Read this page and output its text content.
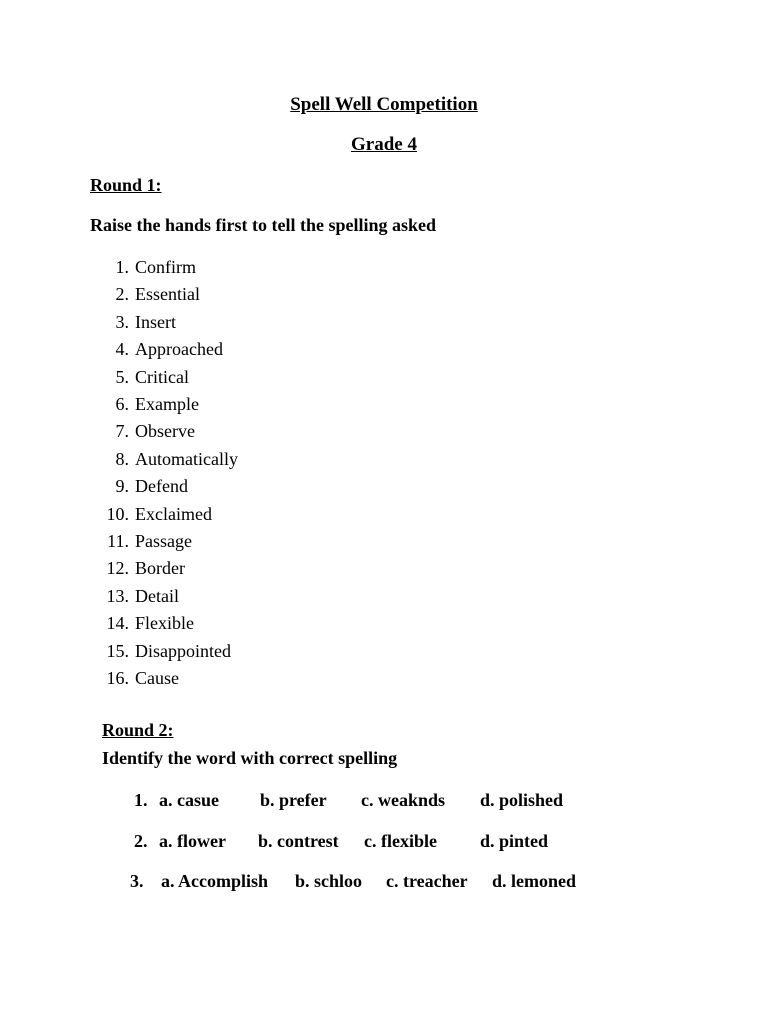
Spell Well Competition
Grade 4
Round 1:
Raise the hands first to tell the spelling asked
1. Confirm
2. Essential
3. Insert
4. Approached
5. Critical
6. Example
7. Observe
8. Automatically
9. Defend
10. Exclaimed
11. Passage
12. Border
13. Detail
14. Flexible
15. Disappointed
16. Cause
Round 2:
Identify the word with correct spelling
1. a. casue b. prefer c. weaknds d. polished
2. a. flower b. contrest c. flexible d. pinted
3. a. Accomplish b. schloo c. treacher d. lemoned
